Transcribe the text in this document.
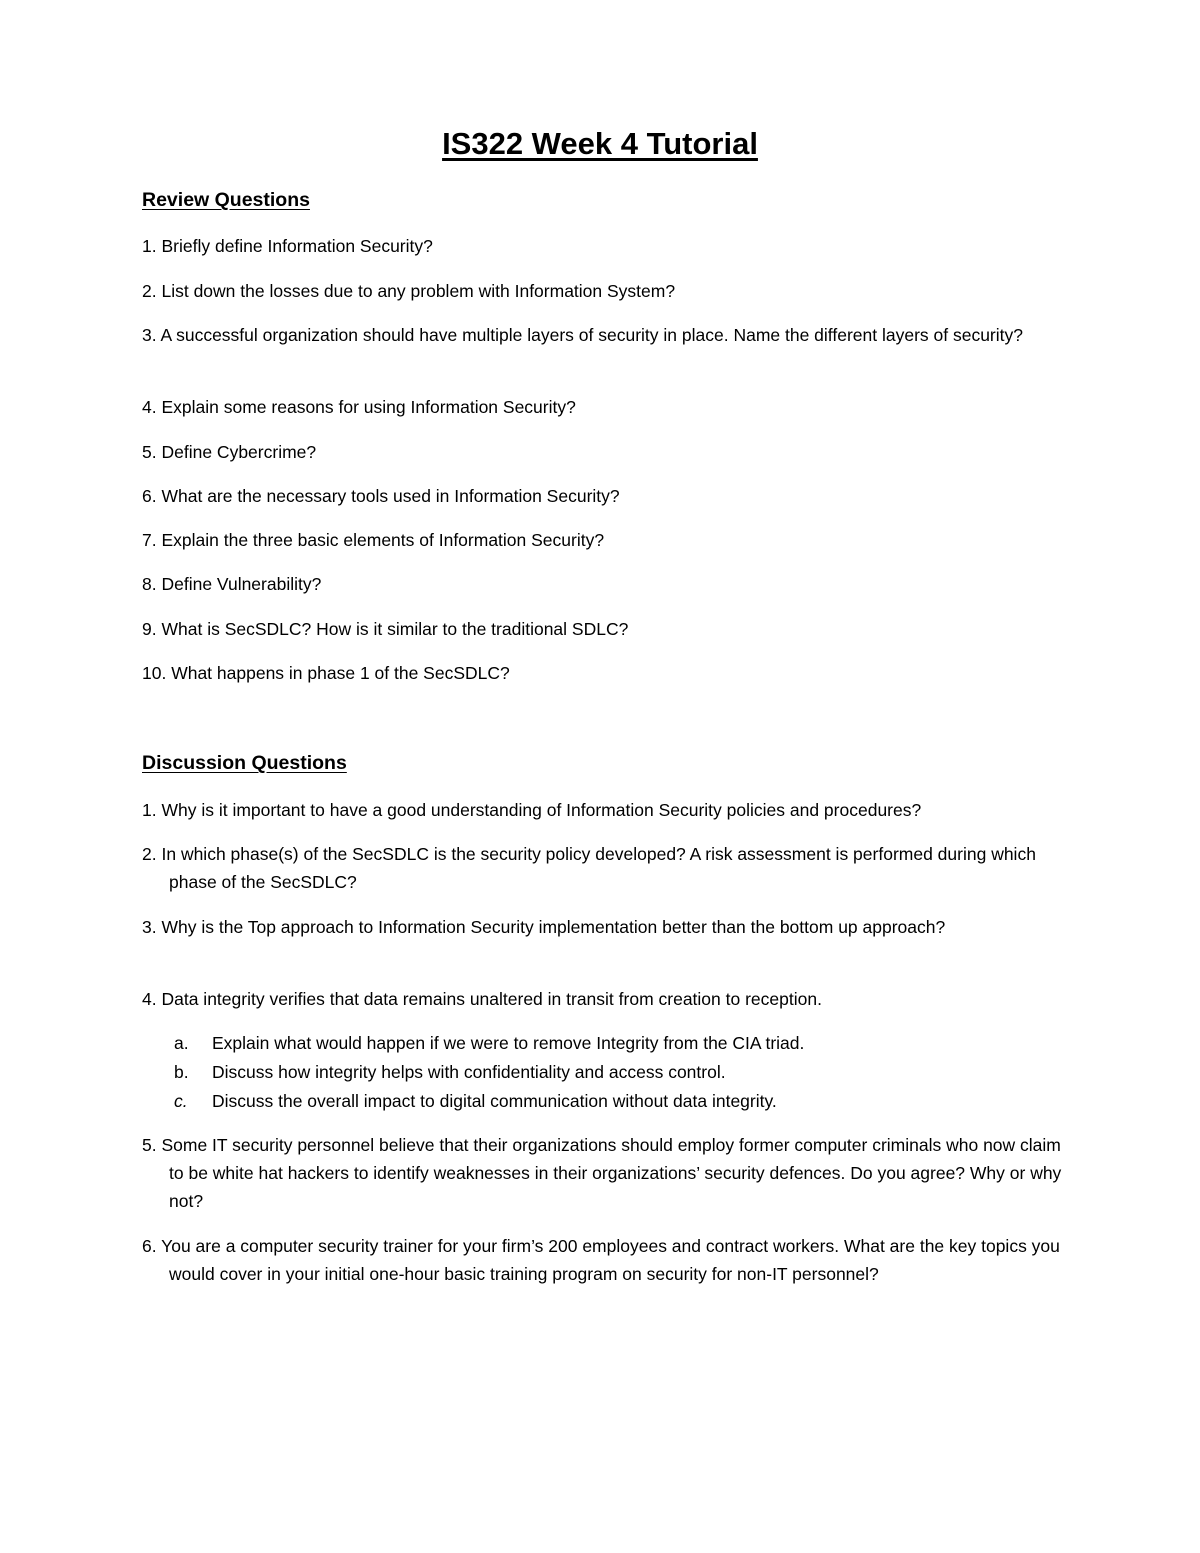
IS322 Week 4 Tutorial
Review Questions

1. Briefly define Information Security?

2. List down the losses due to any problem with Information System?

3. A successful organization should have multiple layers of security in place. Name the different layers of security?

4. Explain some reasons for using Information Security?

5. Define Cybercrime?

6. What are the necessary tools used in Information Security?

7. Explain the three basic elements of Information Security?

8. Define Vulnerability?

9. What is SecSDLC? How is it similar to the traditional SDLC?

10. What happens in phase 1 of the SecSDLC?

Discussion Questions

1. Why is it important to have a good understanding of Information Security policies and procedures?

2. In which phase(s) of the SecSDLC is the security policy developed? A risk assessment is performed during which phase of the SecSDLC?

3. Why is the Top approach to Information Security implementation better than the bottom up approach?

4. Data integrity verifies that data remains unaltered in transit from creation to reception.

a. Explain what would happen if we were to remove Integrity from the CIA triad.

b. Discuss how integrity helps with confidentiality and access control.

c. Discuss the overall impact to digital communication without data integrity.

5. Some IT security personnel believe that their organizations should employ former computer criminals who now claim to be white hat hackers to identify weaknesses in their organizations’ security defences. Do you agree? Why or why not?

6. You are a computer security trainer for your firm’s 200 employees and contract workers. What are the key topics you would cover in your initial one-hour basic training program on security for non-IT personnel?
